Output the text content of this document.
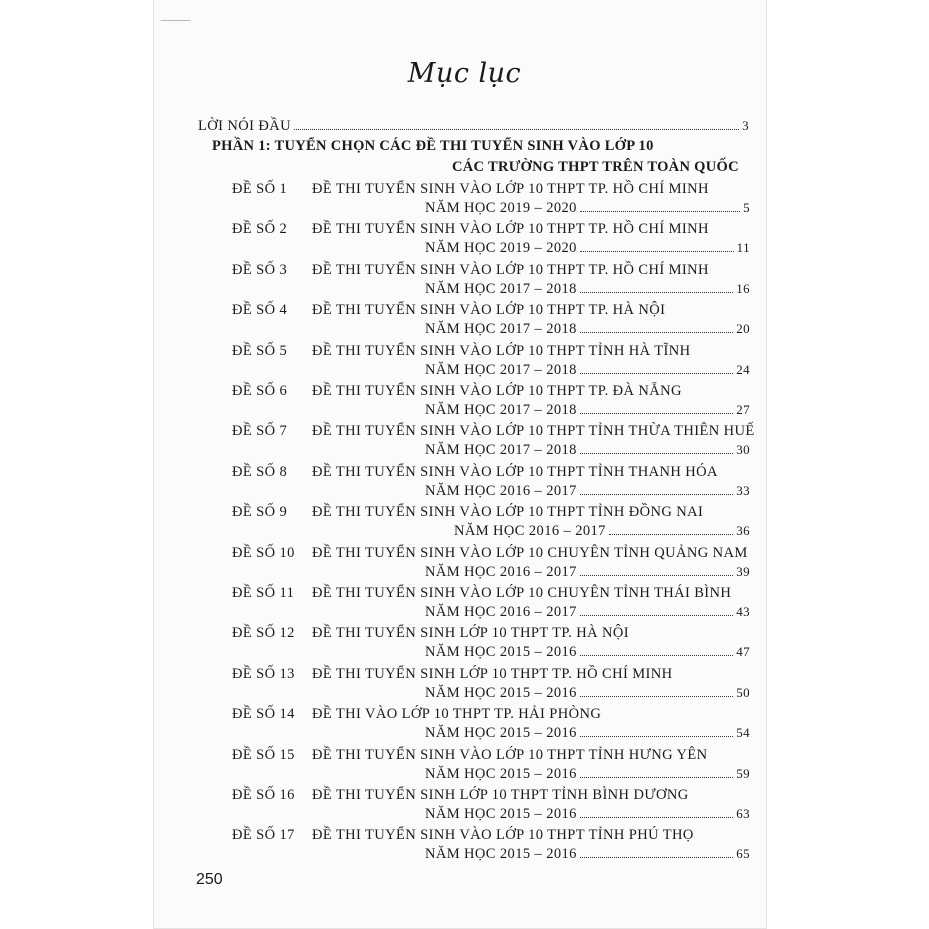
Mục lục
LỜI NÓI ĐẦU	3
PHẦN 1: TUYỂN CHỌN CÁC ĐỀ THI TUYỂN SINH VÀO LỚP 10
CÁC TRƯỜNG THPT TRÊN TOÀN QUỐC
ĐỀ SỐ 1 ĐỀ THI TUYỂN SINH VÀO LỚP 10 THPT TP. HỒ CHÍ MINH
NĂM HỌC 2019 – 2020	5
ĐỀ SỐ 2 ĐỀ THI TUYỂN SINH VÀO LỚP 10 THPT TP. HỒ CHÍ MINH
NĂM HỌC 2019 – 2020	11
ĐỀ SỐ 3 ĐỀ THI TUYỂN SINH VÀO LỚP 10 THPT TP. HỒ CHÍ MINH
NĂM HỌC 2017 – 2018	16
ĐỀ SỐ 4 ĐỀ THI TUYỂN SINH VÀO LỚP 10 THPT TP. HÀ NỘI
NĂM HỌC 2017 – 2018	20
ĐỀ SỐ 5 ĐỀ THI TUYỂN SINH VÀO LỚP 10 THPT TỈNH HÀ TĨNH
NĂM HỌC 2017 – 2018	24
ĐỀ SỐ 6 ĐỀ THI TUYỂN SINH VÀO LỚP 10 THPT TP. ĐÀ NẴNG
NĂM HỌC 2017 – 2018	27
ĐỀ SỐ 7 ĐỀ THI TUYỂN SINH VÀO LỚP 10 THPT TỈNH THỪA THIÊN HUẾ
NĂM HỌC 2017 – 2018	30
ĐỀ SỐ 8 ĐỀ THI TUYỂN SINH VÀO LỚP 10 THPT TỈNH THANH HÓA
NĂM HỌC 2016 – 2017	33
ĐỀ SỐ 9 ĐỀ THI TUYỂN SINH VÀO LỚP 10 THPT TỈNH ĐỒNG NAI
NĂM HỌC 2016 – 2017	36
ĐỀ SỐ 10 ĐỀ THI TUYỂN SINH VÀO LỚP 10 CHUYÊN TỈNH QUẢNG NAM
NĂM HỌC 2016 – 2017	39
ĐỀ SỐ 11 ĐỀ THI TUYỂN SINH VÀO LỚP 10 CHUYÊN TỈNH THÁI BÌNH
NĂM HỌC 2016 – 2017	43
ĐỀ SỐ 12 ĐỀ THI TUYỂN SINH LỚP 10 THPT TP. HÀ NỘI
NĂM HỌC 2015 – 2016	47
ĐỀ SỐ 13 ĐỀ THI TUYỂN SINH LỚP 10 THPT TP. HỒ CHÍ MINH
NĂM HỌC 2015 – 2016	50
ĐỀ SỐ 14 ĐỀ THI VÀO LỚP 10 THPT TP. HẢI PHÒNG
NĂM HỌC 2015 – 2016	54
ĐỀ SỐ 15 ĐỀ THI TUYỂN SINH VÀO LỚP 10 THPT TỈNH HƯNG YÊN
NĂM HỌC 2015 – 2016	59
ĐỀ SỐ 16 ĐỀ THI TUYỂN SINH LỚP 10 THPT TỈNH BÌNH DƯƠNG
NĂM HỌC 2015 – 2016	63
ĐỀ SỐ 17 ĐỀ THI TUYỂN SINH VÀO LỚP 10 THPT TỈNH PHÚ THỌ
NĂM HỌC 2015 – 2016	65
250
